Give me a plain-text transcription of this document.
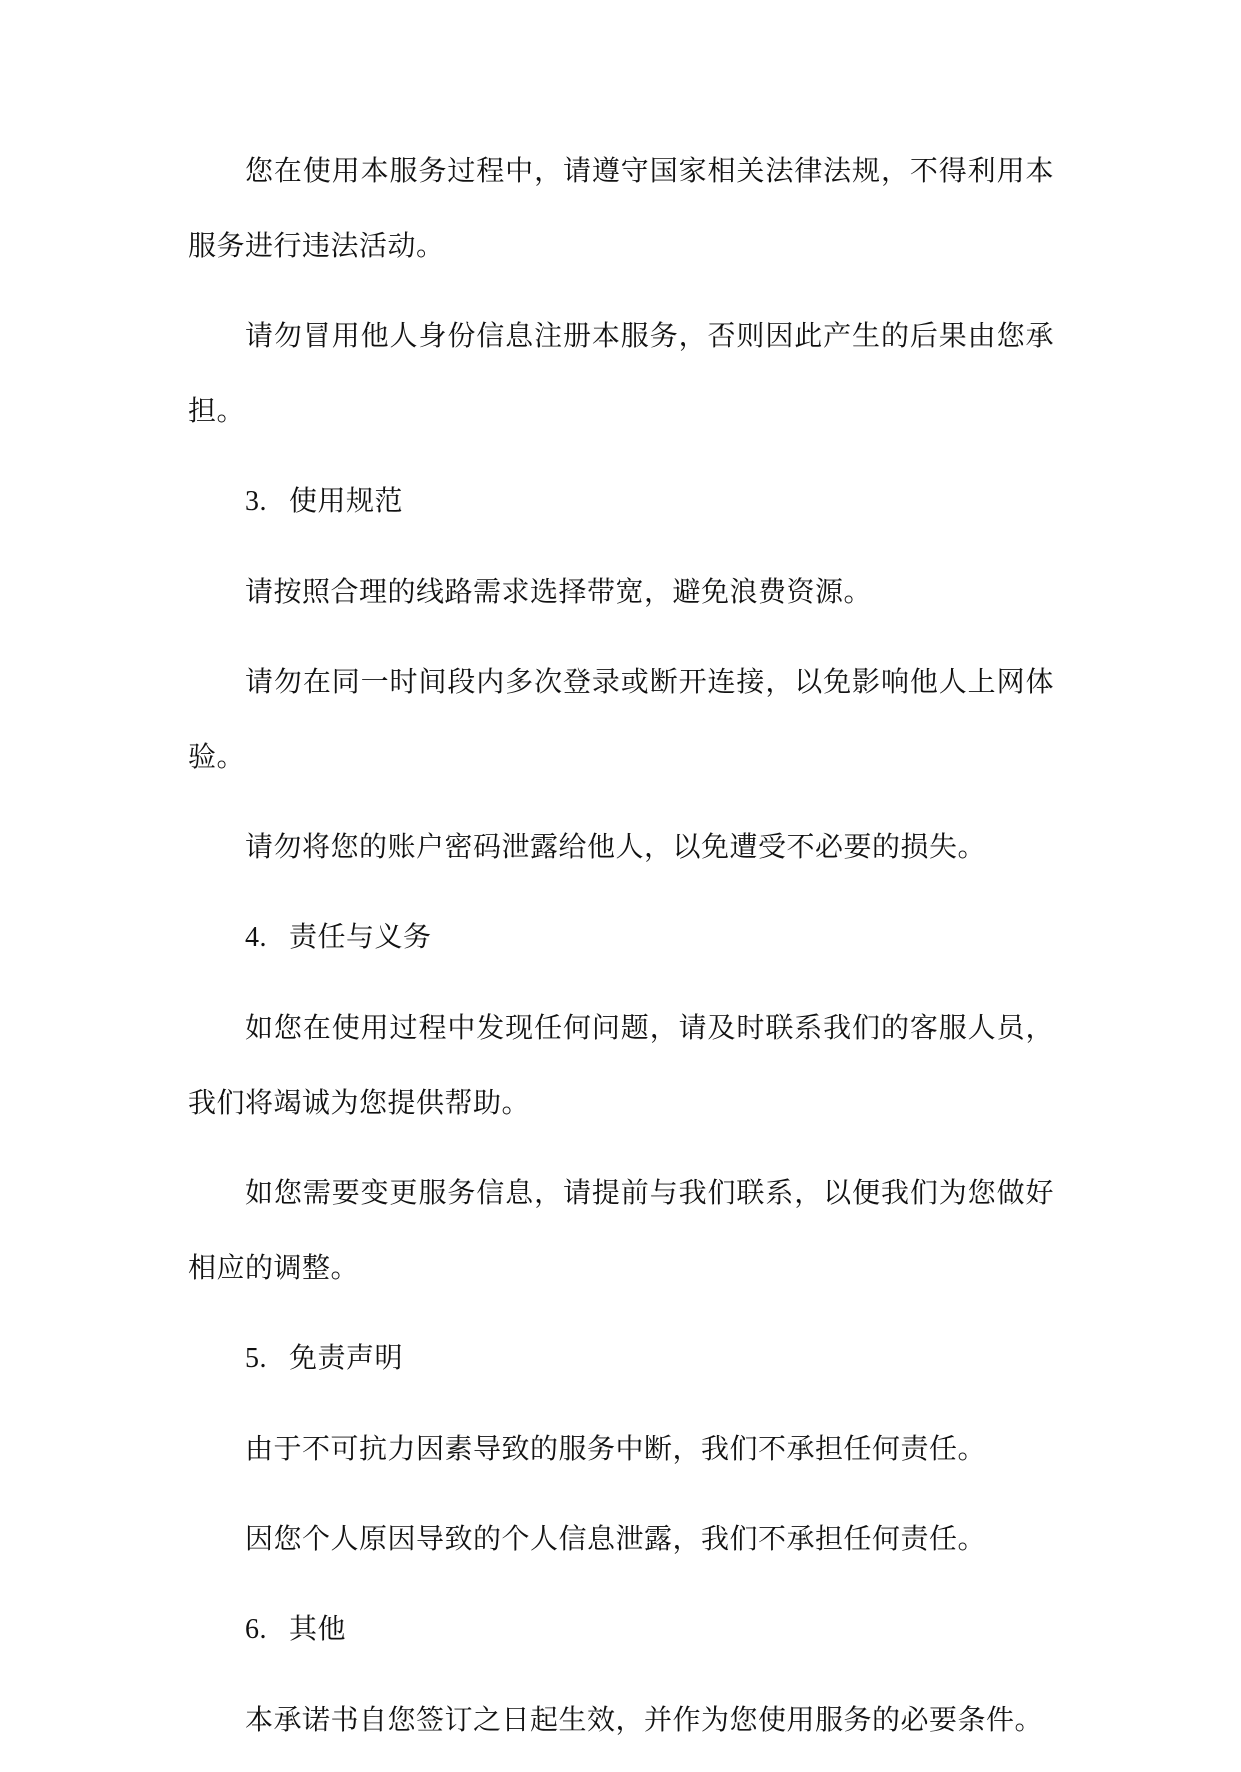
您在使用本服务过程中，请遵守国家相关法律法规，不得利用本服务进行违法活动。

请勿冒用他人身份信息注册本服务，否则因此产生的后果由您承担。

3. 使用规范

请按照合理的线路需求选择带宽，避免浪费资源。

请勿在同一时间段内多次登录或断开连接，以免影响他人上网体验。

请勿将您的账户密码泄露给他人，以免遭受不必要的损失。

4. 责任与义务

如您在使用过程中发现任何问题，请及时联系我们的客服人员，我们将竭诚为您提供帮助。

如您需要变更服务信息，请提前与我们联系，以便我们为您做好相应的调整。

5. 免责声明

由于不可抗力因素导致的服务中断，我们不承担任何责任。

因您个人原因导致的个人信息泄露，我们不承担任何责任。

6. 其他

本承诺书自您签订之日起生效，并作为您使用服务的必要条件。
